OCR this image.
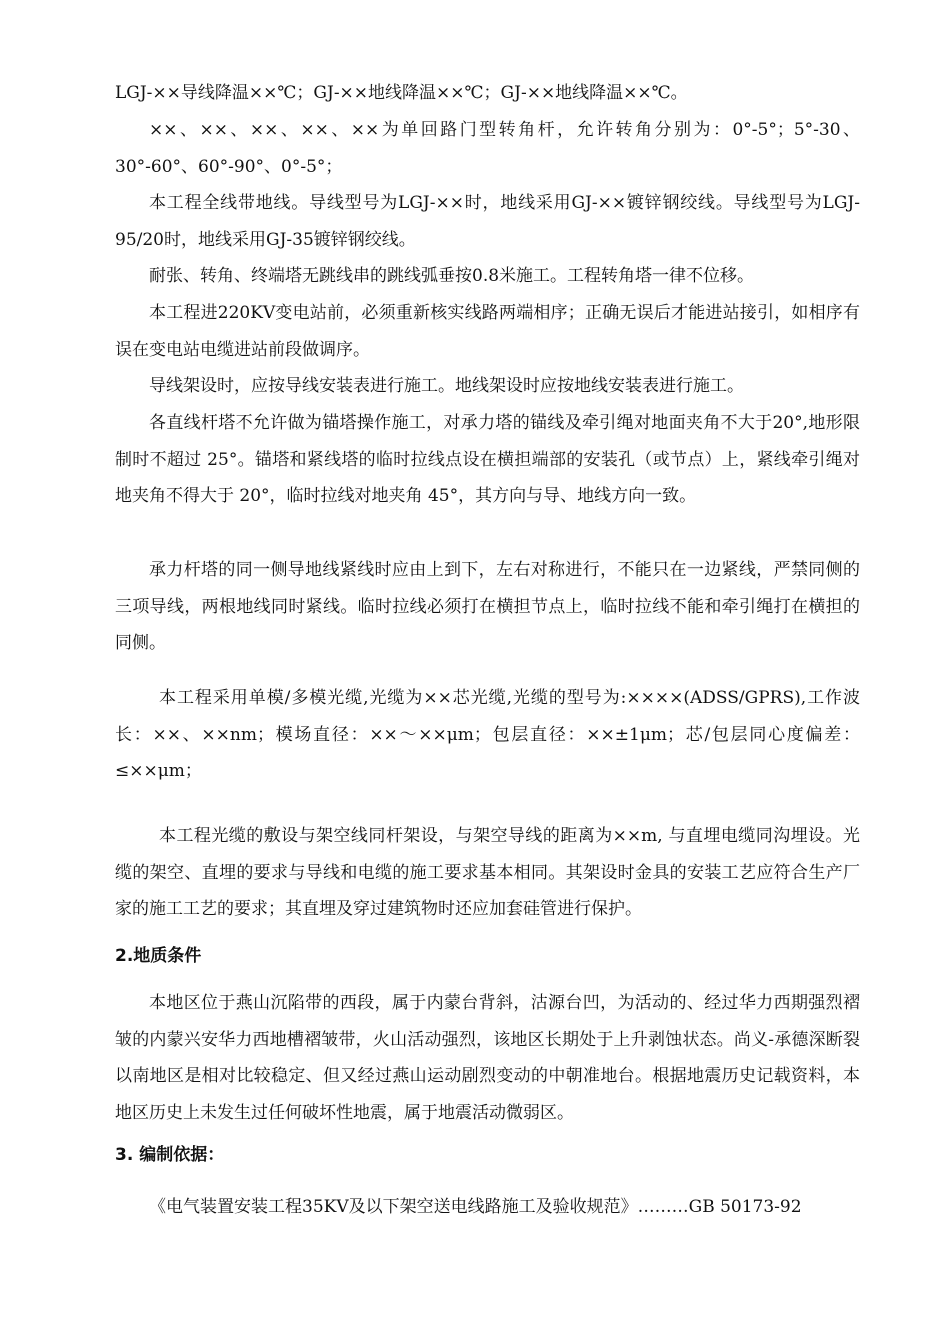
LGJ-××导线降温××℃；GJ-××地线降温××℃；GJ-××地线降温××℃。

××、××、××、××、××为单回路门型转角杆，允许转角分别为：0°-5°；5°-30、30°-60°、60°-90°、0°-5°；

本工程全线带地线。导线型号为LGJ-××时，地线采用GJ-××镀锌钢绞线。导线型号为LGJ-95/20时，地线采用GJ-35镀锌钢绞线。

耐张、转角、终端塔无跳线串的跳线弧垂按0.8米施工。工程转角塔一律不位移。

本工程进220KV变电站前，必须重新核实线路两端相序；正确无误后才能进站接引，如相序有误在变电站电缆进站前段做调序。

导线架设时，应按导线安装表进行施工。地线架设时应按地线安装表进行施工。

各直线杆塔不允许做为锚塔操作施工，对承力塔的锚线及牵引绳对地面夹角不大于20°,地形限制时不超过 25°。锚塔和紧线塔的临时拉线点设在横担端部的安装孔（或节点）上，紧线牵引绳对地夹角不得大于 20°，临时拉线对地夹角 45°，其方向与导、地线方向一致。

承力杆塔的同一侧导地线紧线时应由上到下，左右对称进行，不能只在一边紧线，严禁同侧的三项导线，两根地线同时紧线。临时拉线必须打在横担节点上，临时拉线不能和牵引绳打在横担的同侧。

本工程采用单模/多模光缆,光缆为××芯光缆,光缆的型号为:××××(ADSS/GPRS),工作波长：××、××nm；模场直径：××～××μm；包层直径：××±1μm；芯/包层同心度偏差：≤××μm；

本工程光缆的敷设与架空线同杆架设，与架空导线的距离为××m, 与直埋电缆同沟埋设。光缆的架空、直埋的要求与导线和电缆的施工要求基本相同。其架设时金具的安装工艺应符合生产厂家的施工工艺的要求；其直埋及穿过建筑物时还应加套硅管进行保护。

2.地质条件

本地区位于燕山沉陷带的西段，属于内蒙台背斜，沽源台凹，为活动的、经过华力西期强烈褶皱的内蒙兴安华力西地槽褶皱带，火山活动强烈，该地区长期处于上升剥蚀状态。尚义-承德深断裂以南地区是相对比较稳定、但又经过燕山运动剧烈变动的中朝准地台。根据地震历史记载资料，本地区历史上未发生过任何破坏性地震，属于地震活动微弱区。

3. 编制依据：

《电气装置安装工程35KV及以下架空送电线路施工及验收规范》………GB 50173-92
